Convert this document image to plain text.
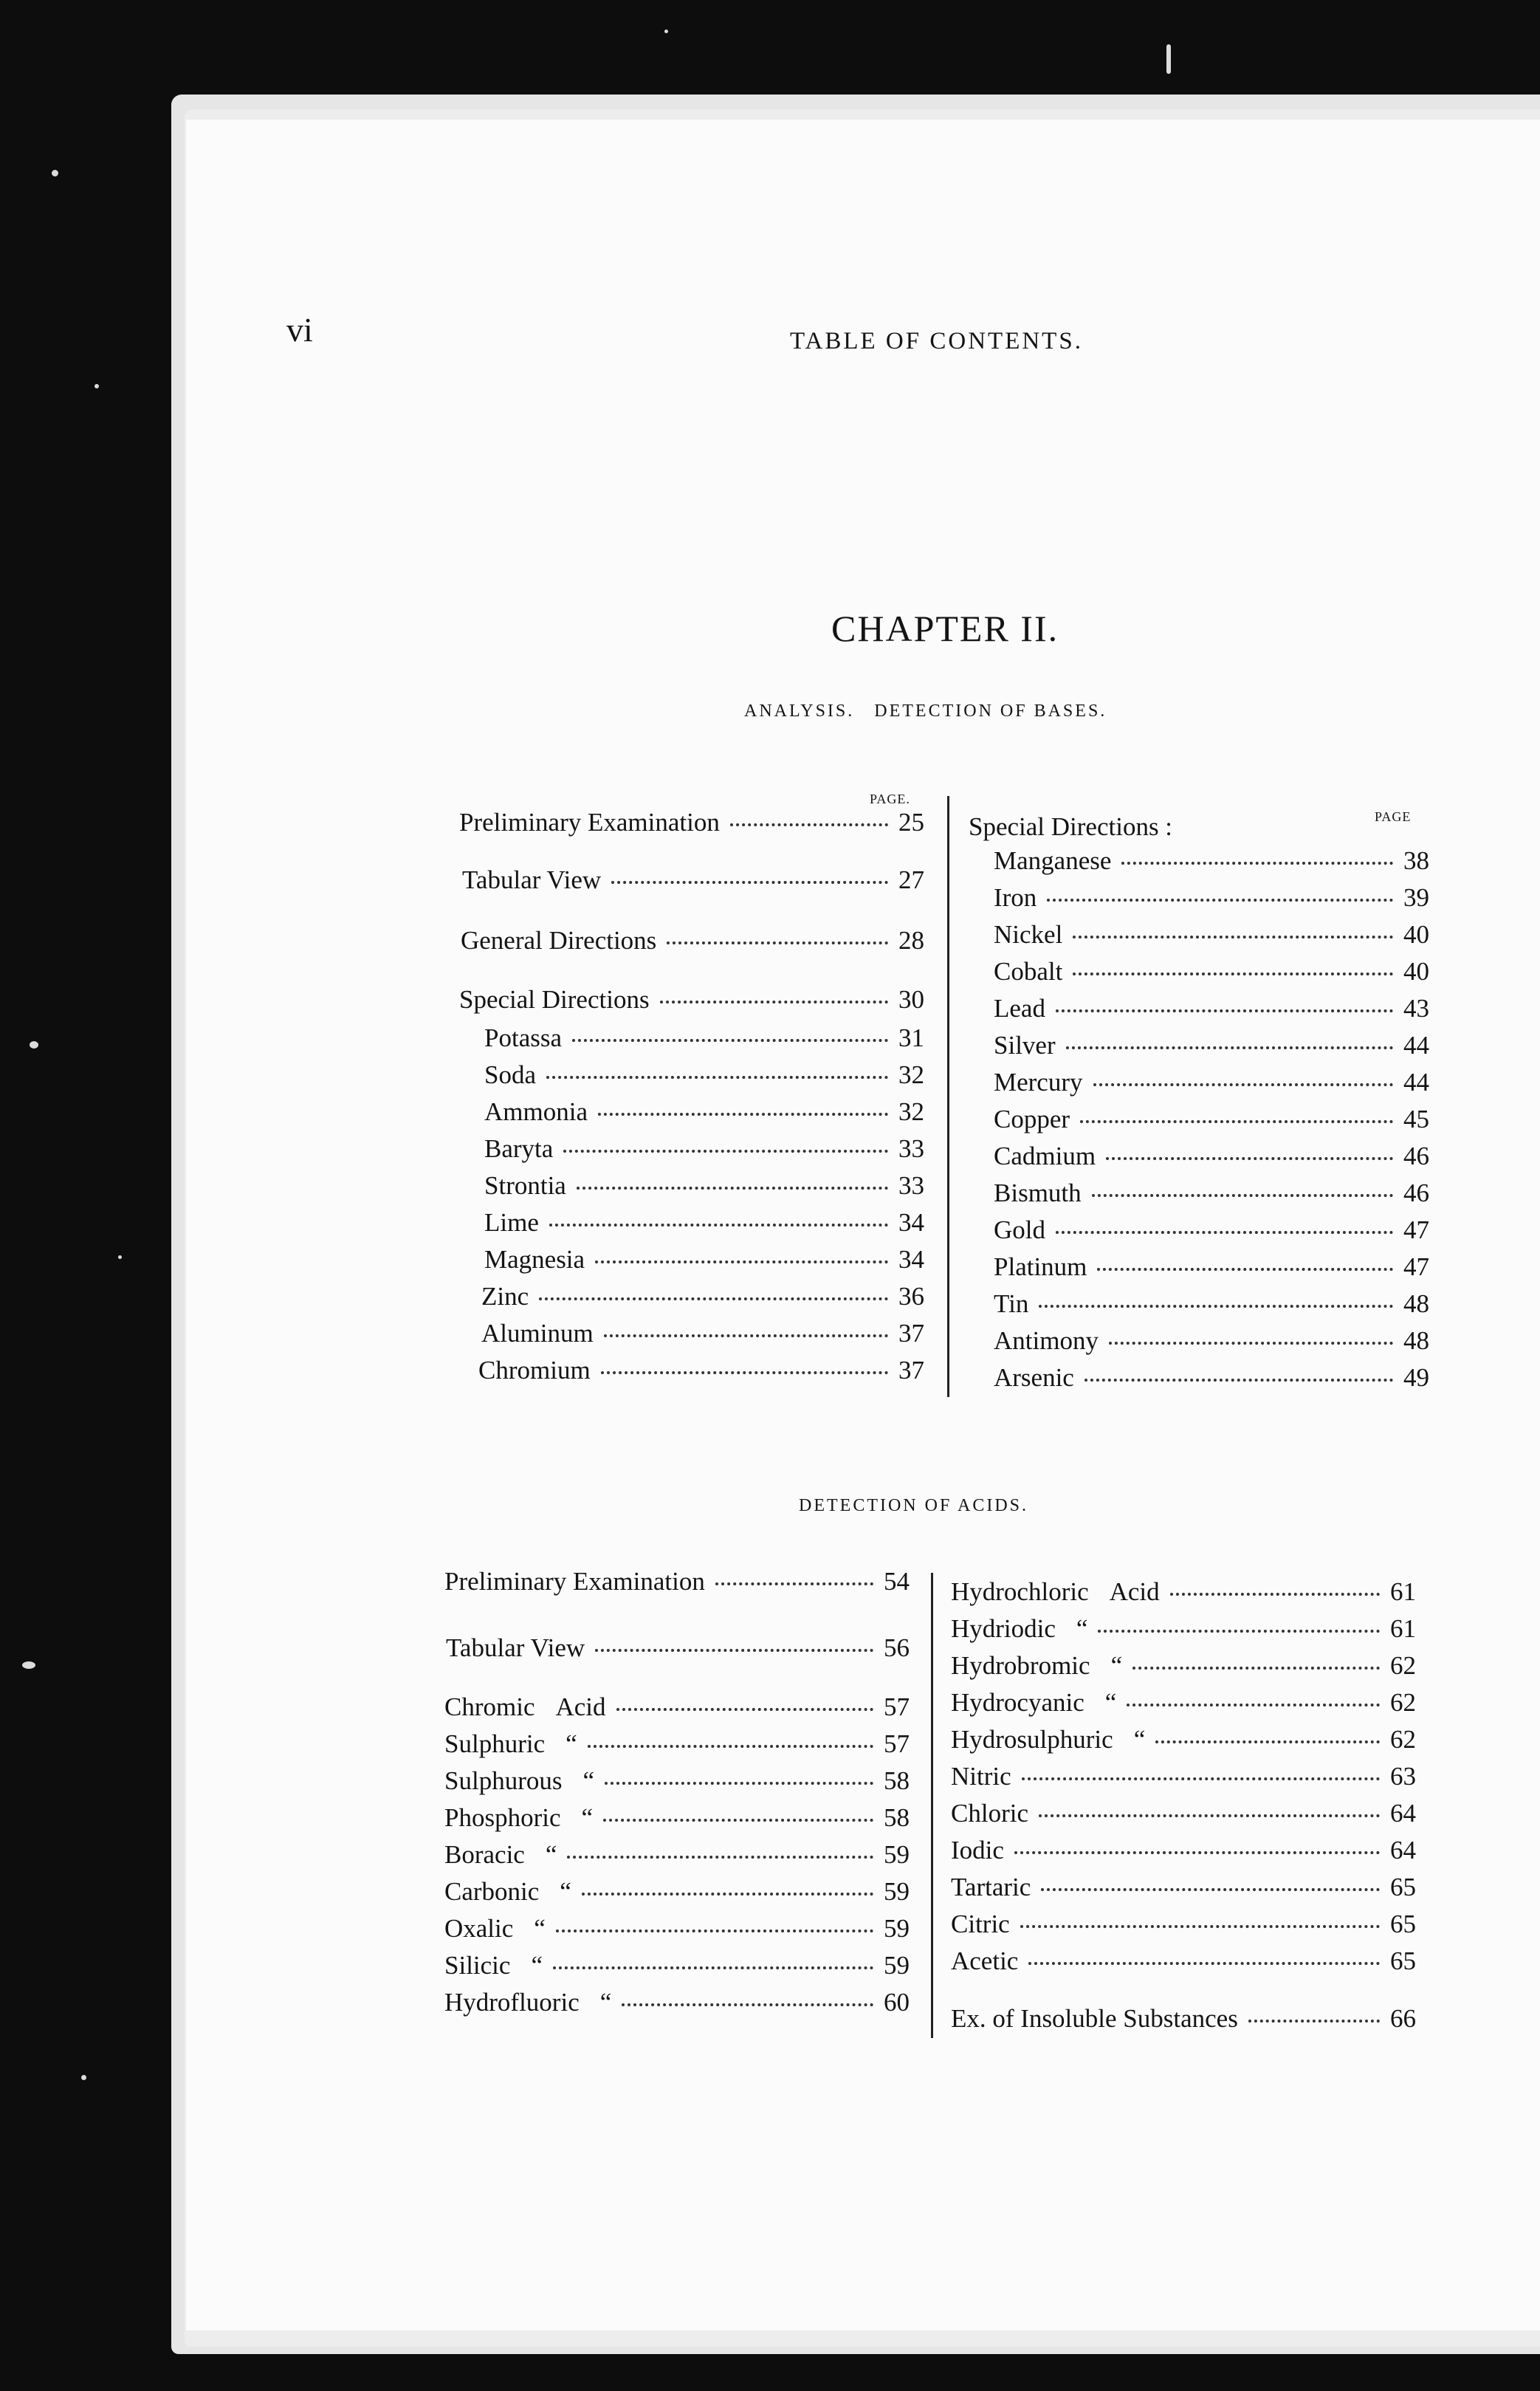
vi	TABLE OF CONTENTS.
CHAPTER II.
ANALYSIS.   DETECTION OF BASES.
PAGE.
PAGE
Special Directions :
Preliminary Examination	25
Tabular View	27
General Directions	28
Special Directions	30
Potassa	31
Soda	32
Ammonia	32
Baryta	33
Strontia	33
Lime	34
Magnesia	34
Zinc	36
Aluminum	37
Chromium	37
Manganese	38
Iron	39
Nickel	40
Cobalt	40
Lead	43
Silver	44
Mercury	44
Copper	45
Cadmium	46
Bismuth	46
Gold	47
Platinum	47
Tin	48
Antimony	48
Arsenic	49
DETECTION OF ACIDS.
Preliminary Examination	54
Tabular View	56
Chromic Acid	57
Sulphuric “	57
Sulphurous “	58
Phosphoric “	58
Boracic “	59
Carbonic “	59
Oxalic “	59
Silicic “	59
Hydrofluoric “	60
Hydrochloric Acid	61
Hydriodic “	61
Hydrobromic “	62
Hydrocyanic “	62
Hydrosulphuric “	62
Nitric	63
Chloric	64
Iodic	64
Tartaric	65
Citric	65
Acetic	65
Ex. of Insoluble Substances	66
